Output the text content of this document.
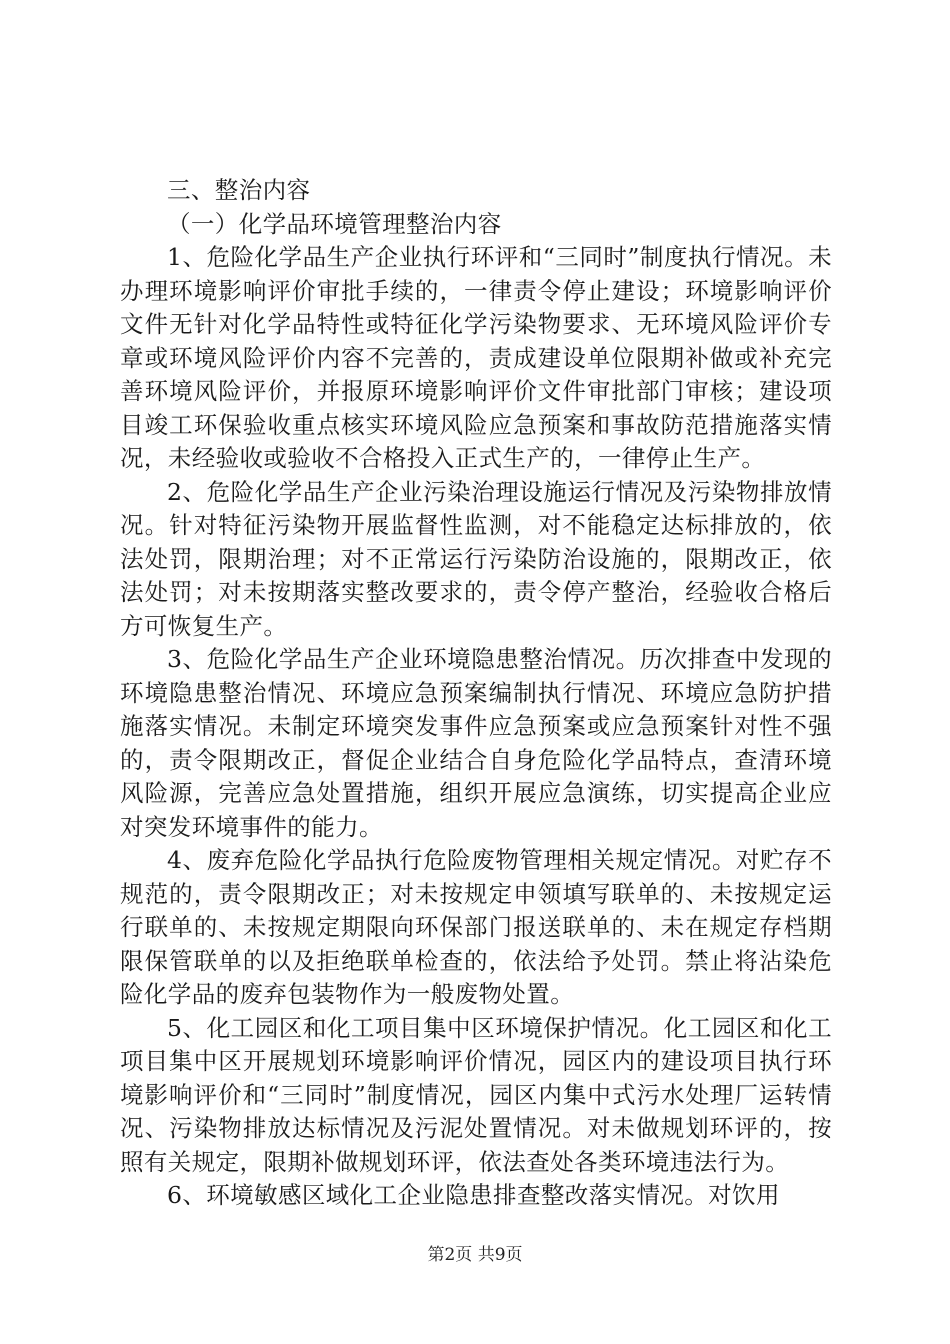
三、整治内容

（一）化学品环境管理整治内容

1、危险化学品生产企业执行环评和“三同时”制度执行情况。未办理环境影响评价审批手续的，一律责令停止建设；环境影响评价文件无针对化学品特性或特征化学污染物要求、无环境风险评价专章或环境风险评价内容不完善的，责成建设单位限期补做或补充完善环境风险评价，并报原环境影响评价文件审批部门审核；建设项目竣工环保验收重点核实环境风险应急预案和事故防范措施落实情况，未经验收或验收不合格投入正式生产的，一律停止生产。

2、危险化学品生产企业污染治理设施运行情况及污染物排放情况。针对特征污染物开展监督性监测，对不能稳定达标排放的，依法处罚，限期治理；对不正常运行污染防治设施的，限期改正，依法处罚；对未按期落实整改要求的，责令停产整治，经验收合格后方可恢复生产。

3、危险化学品生产企业环境隐患整治情况。历次排查中发现的环境隐患整治情况、环境应急预案编制执行情况、环境应急防护措施落实情况。未制定环境突发事件应急预案或应急预案针对性不强的，责令限期改正，督促企业结合自身危险化学品特点，查清环境风险源，完善应急处置措施，组织开展应急演练，切实提高企业应对突发环境事件的能力。

4、废弃危险化学品执行危险废物管理相关规定情况。对贮存不规范的，责令限期改正；对未按规定申领填写联单的、未按规定运行联单的、未按规定期限向环保部门报送联单的、未在规定存档期限保管联单的以及拒绝联单检查的，依法给予处罚。禁止将沾染危险化学品的废弃包装物作为一般废物处置。

5、化工园区和化工项目集中区环境保护情况。化工园区和化工项目集中区开展规划环境影响评价情况，园区内的建设项目执行环境影响评价和“三同时”制度情况，园区内集中式污水处理厂运转情况、污染物排放达标情况及污泥处置情况。对未做规划环评的，按照有关规定，限期补做规划环评，依法查处各类环境违法行为。

6、环境敏感区域化工企业隐患排查整改落实情况。对饮用

第2页 共9页
